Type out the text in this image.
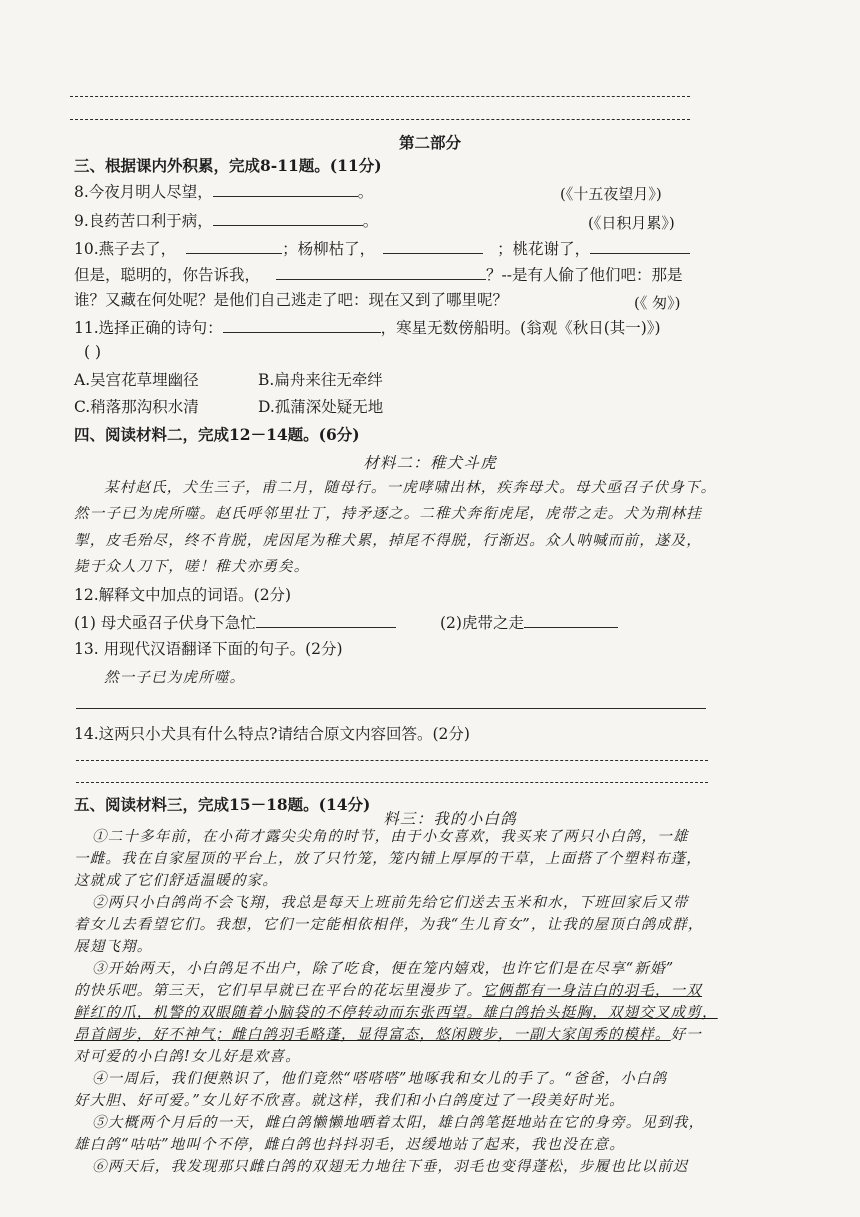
第二部分
三、根据课内外积累，完成8-11题。(11分)
8.今夜月明人尽望，	。	(《十五夜望月》)
9.良药苦口利于病，	。	(《日积月累》)
10.燕子去了，	；杨柳枯了，	；桃花谢了，
但是，聪明的，你告诉我，	？--是有人偷了他们吧：那是
谁？又藏在何处呢？是他们自己逃走了吧：现在又到了哪里呢？	(《 匆》)
11.选择正确的诗句：	，寒星无数傍船明。(翁观《秋日(其一)》)
( )
A.吴宫花草埋幽径	B.扁舟来往无牵绊
C.稍落那沟积水清	D.孤蒲深处疑无地
四、阅读材料二，完成12－14题。(6分)
材料二：稚犬斗虎
某村赵氏，犬生三子，甫二月，随母行。一虎哮啸出林，疾奔母犬。母犬亟召子伏身下。
然一子已为虎所噬。赵氏呼邻里壮丁，持矛逐之。二稚犬奔衔虎尾，虎带之走。犬为荆林挂
掣，皮毛殆尽，终不肯脱，虎因尾为稚犬累，掉尾不得脱，行渐迟。众人呐喊而前，遂及，
毙于众人刀下，嗟！稚犬亦勇矣。
12.解释文中加点的词语。(2分)
(1) 母犬亟召子伏身下急忙	(2)虎带之走
13. 用现代汉语翻译下面的句子。(2分)
然一子已为虎所噬。
14.这两只小犬具有什么特点?请结合原文内容回答。(2分)
五、阅读材料三，完成15－18题。(14分)
料三：我的小白鸽
①二十多年前，在小荷才露尖尖角的时节，由于小女喜欢，我买来了两只小白鸽，一雄
一雌。我在自家屋顶的平台上，放了只竹笼，笼内铺上厚厚的干草，上面搭了个塑料布蓬，
这就成了它们舒适温暖的家。
②两只小白鸽尚不会飞翔，我总是每天上班前先给它们送去玉米和水，下班回家后又带
着女儿去看望它们。我想，它们一定能相依相伴，为我“生儿育女”，让我的屋顶白鸽成群，
展翅飞翔。
③开始两天，小白鸽足不出户，除了吃食，便在笼内嬉戏，也许它们是在尽享“新婚”
的快乐吧。第三天，它们早早就已在平台的花坛里漫步了。它俩都有一身洁白的羽毛，一双
鲜红的爪，机警的双眼随着小脑袋的不停转动而东张西望。雄白鸽抬头挺胸，双翅交叉成剪，
昂首阔步，好不神气；雌白鸽羽毛略蓬，显得富态，悠闲踱步，一副大家闺秀的模样。好一
对可爱的小白鸽!女儿好是欢喜。
④一周后，我们便熟识了，他们竟然“嗒嗒嗒”地啄我和女儿的手了。“爸爸，小白鸽
好大胆、好可爱。”女儿好不欣喜。就这样，我们和小白鸽度过了一段美好时光。
⑤大概两个月后的一天，雌白鸽懒懒地晒着太阳，雄白鸽笔挺地站在它的身旁。见到我，
雄白鸽“咕咕”地叫个不停，雌白鸽也抖抖羽毛，迟缓地站了起来，我也没在意。
⑥两天后，我发现那只雌白鸽的双翅无力地往下垂，羽毛也变得蓬松，步履也比以前迟
